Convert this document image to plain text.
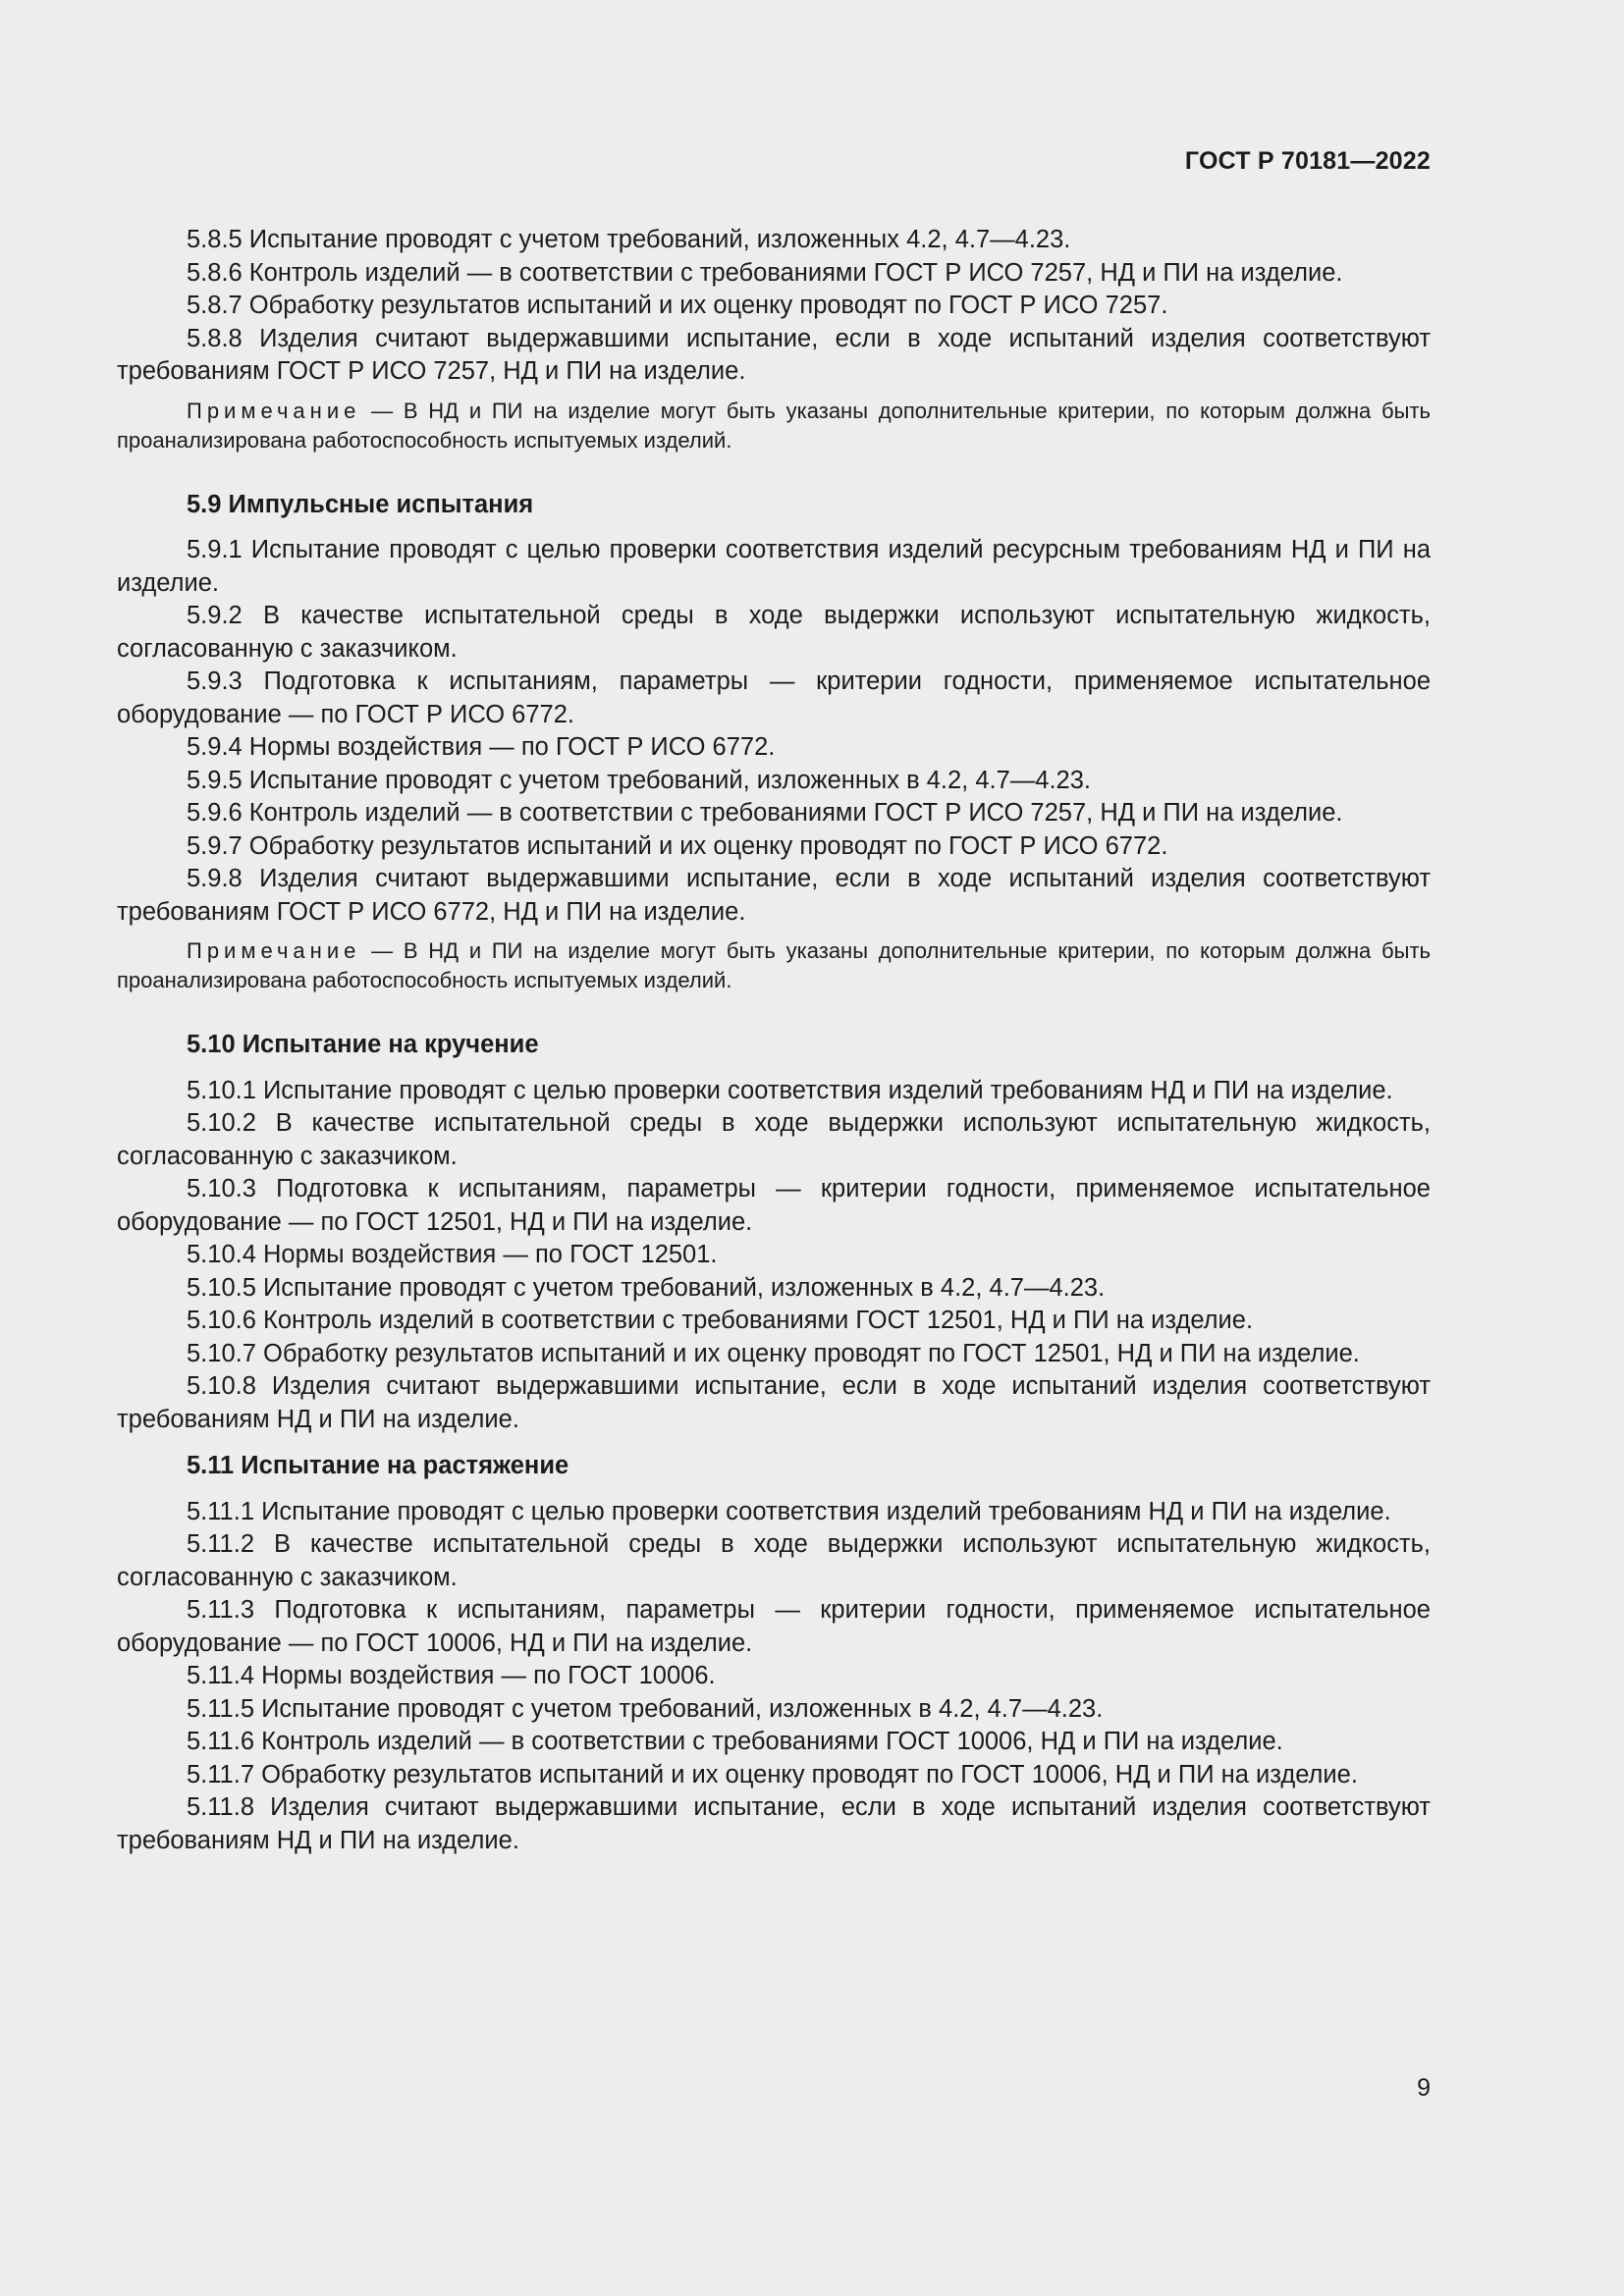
ГОСТ Р 70181—2022

5.8.5 Испытание проводят с учетом требований, изложенных 4.2, 4.7—4.23.

5.8.6 Контроль изделий — в соответствии с требованиями ГОСТ Р ИСО 7257, НД и ПИ на изделие.

5.8.7 Обработку результатов испытаний и их оценку проводят по ГОСТ Р ИСО 7257.

5.8.8 Изделия считают выдержавшими испытание, если в ходе испытаний изделия соответствуют требованиям ГОСТ Р ИСО 7257, НД и ПИ на изделие.

Примечание — В НД и ПИ на изделие могут быть указаны дополнительные критерии, по которым должна быть проанализирована работоспособность испытуемых изделий.

5.9 Импульсные испытания

5.9.1 Испытание проводят с целью проверки соответствия изделий ресурсным требованиям НД и ПИ на изделие.

5.9.2 В качестве испытательной среды в ходе выдержки используют испытательную жидкость, согласованную с заказчиком.

5.9.3 Подготовка к испытаниям, параметры — критерии годности, применяемое испытательное оборудование — по ГОСТ Р ИСО 6772.

5.9.4 Нормы воздействия — по ГОСТ Р ИСО 6772.

5.9.5 Испытание проводят с учетом требований, изложенных в 4.2, 4.7—4.23.

5.9.6 Контроль изделий — в соответствии с требованиями ГОСТ Р ИСО 7257, НД и ПИ на изделие.

5.9.7 Обработку результатов испытаний и их оценку проводят по ГОСТ Р ИСО 6772.

5.9.8 Изделия считают выдержавшими испытание, если в ходе испытаний изделия соответствуют требованиям ГОСТ Р ИСО 6772, НД и ПИ на изделие.

Примечание — В НД и ПИ на изделие могут быть указаны дополнительные критерии, по которым должна быть проанализирована работоспособность испытуемых изделий.

5.10 Испытание на кручение

5.10.1 Испытание проводят с целью проверки соответствия изделий требованиям НД и ПИ на изделие.

5.10.2 В качестве испытательной среды в ходе выдержки используют испытательную жидкость, согласованную с заказчиком.

5.10.3 Подготовка к испытаниям, параметры — критерии годности, применяемое испытательное оборудование — по ГОСТ 12501, НД и ПИ на изделие.

5.10.4 Нормы воздействия — по ГОСТ 12501.

5.10.5 Испытание проводят с учетом требований, изложенных в 4.2, 4.7—4.23.

5.10.6 Контроль изделий в соответствии с требованиями ГОСТ 12501, НД и ПИ на изделие.

5.10.7 Обработку результатов испытаний и их оценку проводят по ГОСТ 12501, НД и ПИ на изделие.

5.10.8 Изделия считают выдержавшими испытание, если в ходе испытаний изделия соответствуют требованиям НД и ПИ на изделие.

5.11 Испытание на растяжение

5.11.1 Испытание проводят с целью проверки соответствия изделий требованиям НД и ПИ на изделие.

5.11.2 В качестве испытательной среды в ходе выдержки используют испытательную жидкость, согласованную с заказчиком.

5.11.3 Подготовка к испытаниям, параметры — критерии годности, применяемое испытательное оборудование — по ГОСТ 10006, НД и ПИ на изделие.

5.11.4 Нормы воздействия — по ГОСТ 10006.

5.11.5 Испытание проводят с учетом требований, изложенных в 4.2, 4.7—4.23.

5.11.6 Контроль изделий — в соответствии с требованиями ГОСТ 10006, НД и ПИ на изделие.

5.11.7 Обработку результатов испытаний и их оценку проводят по ГОСТ 10006, НД и ПИ на изделие.

5.11.8 Изделия считают выдержавшими испытание, если в ходе испытаний изделия соответствуют требованиям НД и ПИ на изделие.

9
